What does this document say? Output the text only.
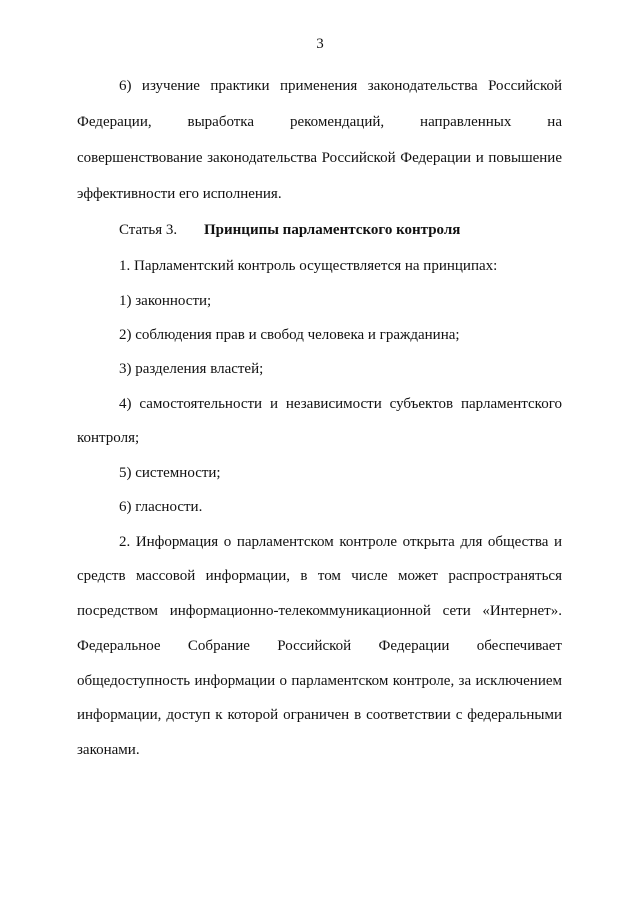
3
6) изучение практики применения законодательства Российской
Федерации, выработка рекомендаций, направленных на
совершенствование законодательства Российской Федерации и повышение
эффективности его исполнения.
Статья 3. Принципы парламентского контроля
1. Парламентский контроль осуществляется на принципах:
1) законности;
2) соблюдения прав и свобод человека и гражданина;
3) разделения властей;
4) самостоятельности и независимости субъектов парламентского
контроля;
5) системности;
6) гласности.
2. Информация о парламентском контроле открыта для общества и
средств массовой информации, в том числе может распространяться
посредством информационно-телекоммуникационной сети «Интернет».
Федеральное Собрание Российской Федерации обеспечивает
общедоступность информации о парламентском контроле, за исключением
информации, доступ к которой ограничен в соответствии с федеральными
законами.
